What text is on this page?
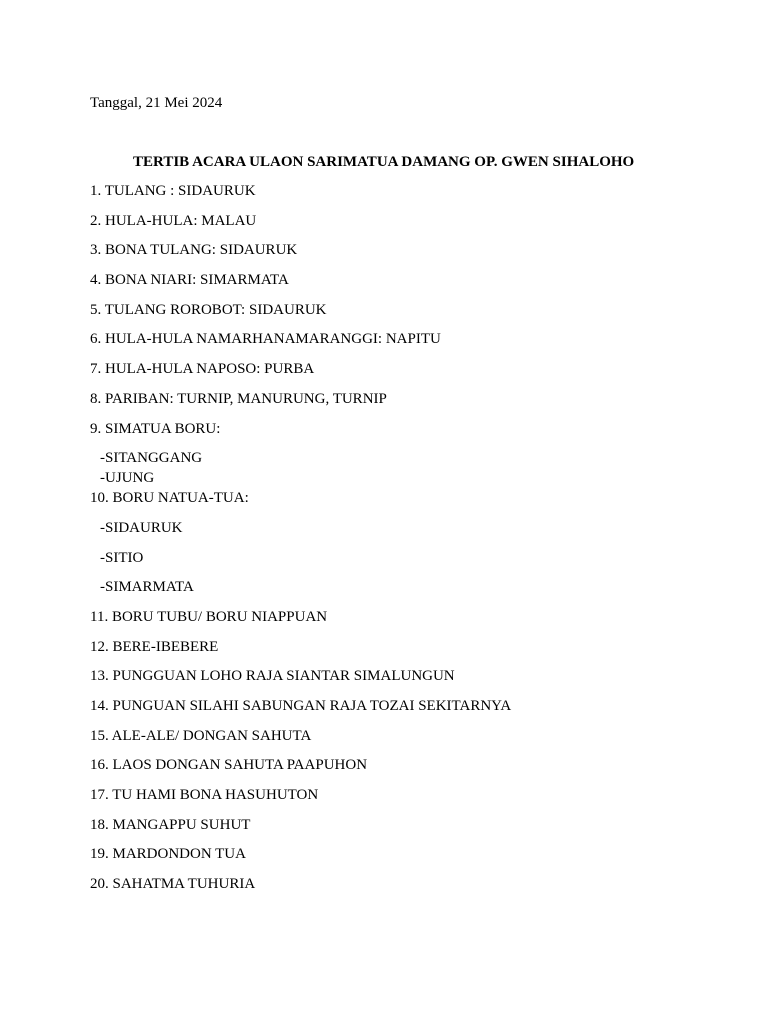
Tanggal, 21 Mei 2024
TERTIB ACARA ULAON SARIMATUA DAMANG OP. GWEN SIHALOHO
1. TULANG : SIDAURUK
2. HULA-HULA: MALAU
3. BONA TULANG: SIDAURUK
4. BONA NIARI: SIMARMATA
5. TULANG ROROBOT: SIDAURUK
6. HULA-HULA NAMARHANAMARANGGI: NAPITU
7. HULA-HULA NAPOSO: PURBA
8. PARIBAN: TURNIP, MANURUNG, TURNIP
9. SIMATUA BORU:
-SITANGGANG
-UJUNG
10. BORU NATUA-TUA:
-SIDAURUK
-SITIO
-SIMARMATA
11. BORU TUBU/ BORU NIAPPUAN
12. BERE-IBEBERE
13. PUNGGUAN LOHO RAJA SIANTAR SIMALUNGUN
14. PUNGUAN SILAHI SABUNGAN RAJA TOZAI SEKITARNYA
15. ALE-ALE/ DONGAN SAHUTA
16. LAOS DONGAN SAHUTA PAAPUHON
17. TU HAMI BONA HASUHUTON
18. MANGAPPU SUHUT
19. MARDONDON TUA
20. SAHATMA TUHURIA
